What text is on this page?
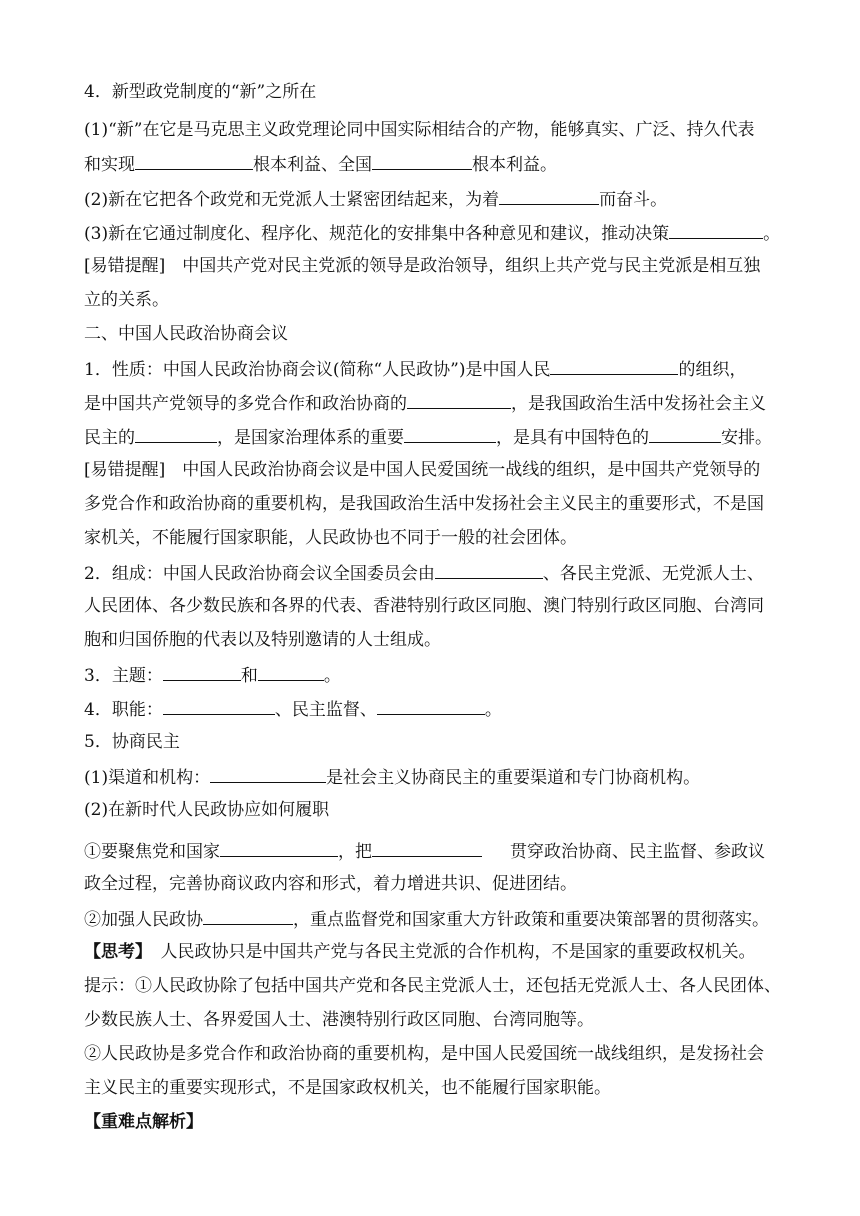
4．新型政党制度的“新”之所在
(1)“新”在它是马克思主义政党理论同中国实际相结合的产物，能够真实、广泛、持久代表
和实现	根本利益、全国	根本利益。
(2)新在它把各个政党和无党派人士紧密团结起来，为着	而奋斗。
(3)新在它通过制度化、程序化、规范化的安排集中各种意见和建议，推动决策	。
[易错提醒]　中国共产党对民主党派的领导是政治领导，组织上共产党与民主党派是相互独
立的关系。
二、中国人民政治协商会议
1．性质：中国人民政治协商会议(简称“人民政协”)是中国人民	的组织，
是中国共产党领导的多党合作和政治协商的	，是我国政治生活中发扬社会主义
民主的	，是国家治理体系的重要	，是具有中国特色的	安排。
[易错提醒]　中国人民政治协商会议是中国人民爱国统一战线的组织，是中国共产党领导的
多党合作和政治协商的重要机构，是我国政治生活中发扬社会主义民主的重要形式，不是国
家机关，不能履行国家职能，人民政协也不同于一般的社会团体。
2．组成：中国人民政治协商会议全国委员会由	、各民主党派、无党派人士、
人民团体、各少数民族和各界的代表、香港特别行政区同胞、澳门特别行政区同胞、台湾同
胞和归国侨胞的代表以及特别邀请的人士组成。
3．主题：	和	。
4．职能：	、民主监督、	。
5．协商民主
(1)渠道和机构：	是社会主义协商民主的重要渠道和专门协商机构。
(2)在新时代人民政协应如何履职
①要聚焦党和国家	，把	贯穿政治协商、民主监督、参政议
政全过程，完善协商议政内容和形式，着力增进共识、促进团结。
②加强人民政协	，重点监督党和国家重大方针政策和重要决策部署的贯彻落实。
【思考】　人民政协只是中国共产党与各民主党派的合作机构，不是国家的重要政权机关。
提示：①人民政协除了包括中国共产党和各民主党派人士，还包括无党派人士、各人民团体、
少数民族人士、各界爱国人士、港澳特别行政区同胞、台湾同胞等。
②人民政协是多党合作和政治协商的重要机构，是中国人民爱国统一战线组织，是发扬社会
主义民主的重要实现形式，不是国家政权机关，也不能履行国家职能。
【重难点解析】
